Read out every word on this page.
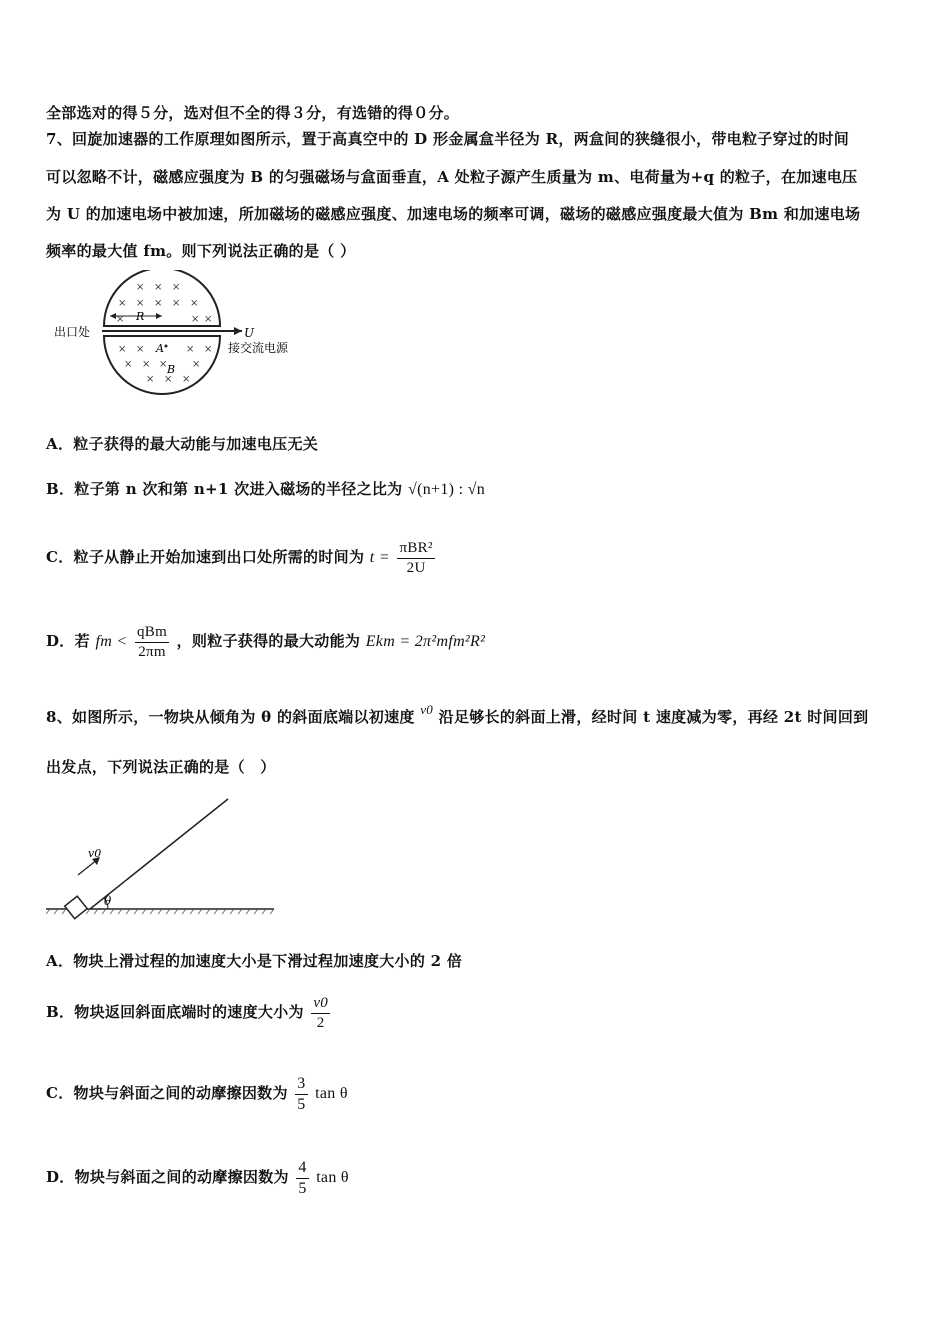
全部选对的得５分，选对但不全的得３分，有选错的得０分。
7、回旋加速器的工作原理如图所示，置于高真空中的 D 形金属盒半径为 R，两盒间的狭缝很小，带电粒子穿过的时间
可以忽略不计，磁感应强度为 B 的匀强磁场与盒面垂直，A 处粒子源产生质量为 m、电荷量为+q 的粒子，在加速电压
为 U 的加速电场中被加速，所加磁场的磁感应强度、加速电场的频率可调，磁场的磁感应强度最大值为 Bm 和加速电场
频率的最大值 fm。则下列说法正确的是（ ）
× × ×
× × × × ×
×	× ×
× ×	× ×
× × × ×
× × ×
R
U
出口处
接交流电源
A
B
A．粒子获得的最大动能与加速电压无关
B．粒子第 n 次和第 n+1 次进入磁场的半径之比为 √(n+1) : √n
C．粒子从静止开始加速到出口处所需的时间为 $t = \frac{\text{πBR²}}{2U}$
D．若 fm < $\frac{\text{qBm}}{2\pi m}$ ，则粒子获得的最大动能为 Ekm = 2π²mfm²R²
8、如图所示，一物块从倾角为 θ 的斜面底端以初速度 v0 沿足够长的斜面上滑，经时间 t 速度减为零，再经 2t 时间回到
出发点，下列说法正确的是（　）
v0
θ
A．物块上滑过程的加速度大小是下滑过程加速度大小的 2 倍
B．物块返回斜面底端时的速度大小为 $\frac{v0}{2}$
C．物块与斜面之间的动摩擦因数为 $\frac{3}{5}$ tan θ
D．物块与斜面之间的动摩擦因数为 $\frac{4}{5}$ tan θ
